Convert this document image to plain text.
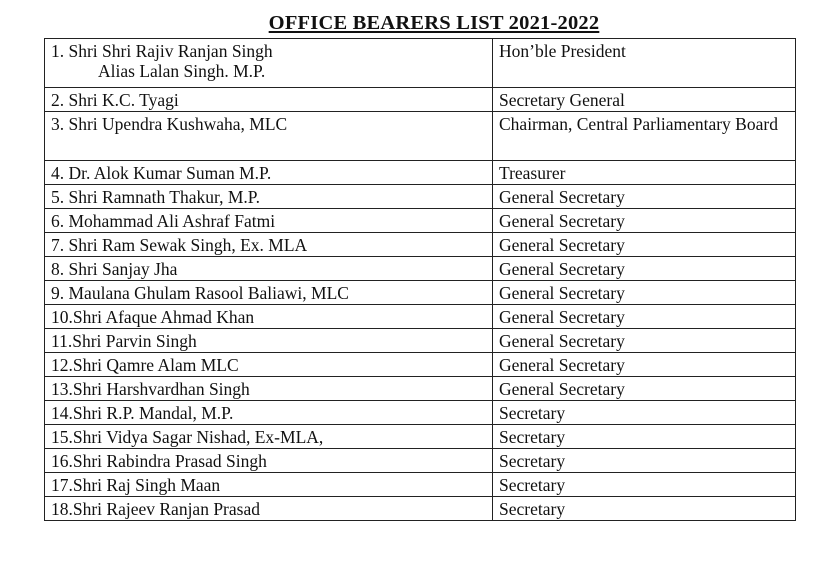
OFFICE BEARERS LIST 2021-2022
1. Shri Shri Rajiv Ranjan Singh
Alias Lalan Singh. M.P.	Hon’ble President
2. Shri K.C. Tyagi	Secretary General
3. Shri Upendra Kushwaha, MLC	Chairman, Central Parliamentary Board
4. Dr. Alok Kumar Suman M.P.	Treasurer
5. Shri Ramnath Thakur, M.P.	General Secretary
6. Mohammad Ali Ashraf Fatmi	General Secretary
7. Shri Ram Sewak Singh, Ex. MLA	General Secretary
8. Shri Sanjay Jha	General Secretary
9. Maulana Ghulam Rasool Baliawi, MLC	General Secretary
10.Shri Afaque Ahmad Khan	General Secretary
11.Shri Parvin Singh	General Secretary
12.Shri Qamre Alam MLC	General Secretary
13.Shri Harshvardhan Singh	General Secretary
14.Shri R.P. Mandal, M.P.	Secretary
15.Shri Vidya Sagar Nishad, Ex-MLA,	Secretary
16.Shri Rabindra Prasad Singh	Secretary
17.Shri Raj Singh Maan	Secretary
18.Shri Rajeev Ranjan Prasad	Secretary
